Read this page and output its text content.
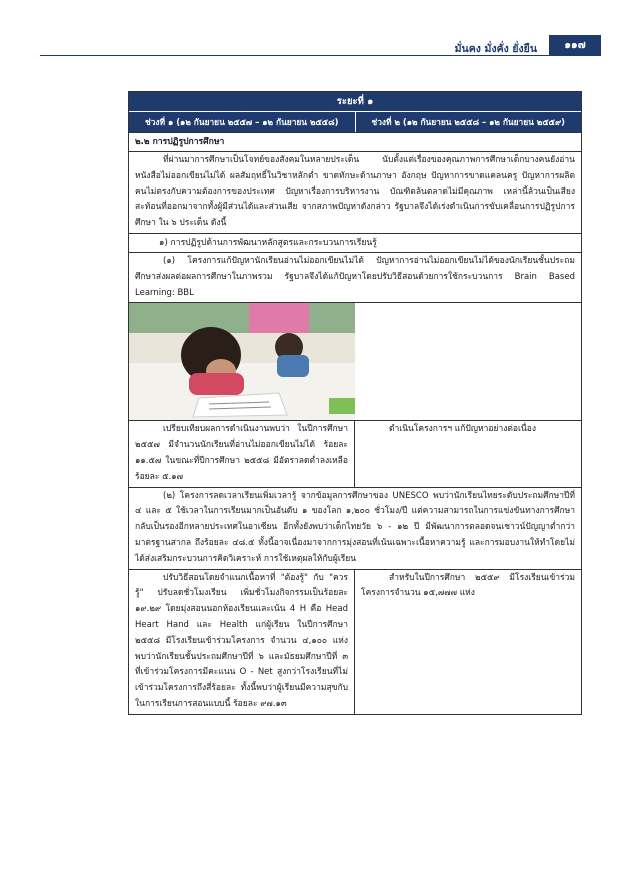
มั่นคง มั่งคั่ง ยั่งยืน	๑๑๗
ระยะที่ ๑
ช่วงที่ ๑ (๑๒ กันยายน ๒๕๕๗ – ๑๒ กันยายน ๒๕๕๘)	ช่วงที่ ๒ (๑๒ กันยายน ๒๕๕๘ – ๑๒ กันยายน ๒๕๕๙)
๒.๒ การปฏิรูปการศึกษา
ที่ผ่านมาการศึกษาเป็นโจทย์ของสังคมในหลายประเด็น นับตั้งแต่เรื่องของคุณภาพการศึกษาเด็กบางคนยังอ่านหนังสือไม่ออกเขียนไม่ได้ ผลสัมฤทธิ์ในวิชาหลักต่ำ ขาดทักษะด้านภาษา อังกฤษ ปัญหาการขาดแคลนครู ปัญหาการผลิตคนไม่ตรงกับความต้องการของประเทศ ปัญหาเรื่องการบริหารงาน บัณฑิตล้นตลาดไม่มีคุณภาพ เหล่านี้ล้วนเป็นเสียงสะท้อนที่ออกมาจากทั้งผู้มีส่วนได้และส่วนเสีย จากสภาพปัญหาดังกล่าว รัฐบาลจึงได้เร่งดำเนินการขับเคลื่อนการปฏิรูปการศึกษา ใน ๖ ประเด็น ดังนี้
๑) การปฏิรูปด้านการพัฒนาหลักสูตรและกระบวนการเรียนรู้
(๑) โครงการแก้ปัญหานักเรียนอ่านไม่ออกเขียนไม่ได้ ปัญหาการอ่านไม่ออกเขียนไม่ได้ของนักเรียนชั้นประถมศึกษาส่งผลต่อผลการศึกษาในภาพรวม รัฐบาลจึงได้แก้ปัญหาโดยปรับวิธีสอนด้วยการใช้กระบวนการ Brain Based Learning: BBL
เปรียบเทียบผลการดำเนินงานพบว่า ในปีการศึกษา ๒๕๕๗ มีจำนวนนักเรียนที่อ่านไม่ออกเขียนไม่ได้ ร้อยละ ๑๑.๕๗ ในขณะที่ปีการศึกษา ๒๕๕๘ มีอัตราลดต่ำลงเหลือร้อยละ ๕.๑๗
ดำเนินโครงการฯ แก้ปัญหาอย่างต่อเนื่อง
(๒) โครงการลดเวลาเรียนเพิ่มเวลารู้ จากข้อมูลการศึกษาของ UNESCO พบว่านักเรียนไทยระดับประถมศึกษาปีที่ ๔ และ ๕ ใช้เวลาในการเรียนมากเป็นอันดับ ๑ ของโลก ๑,๒๐๐ ชั่วโมง/ปี แต่ความสามารถในการแข่งขันทางการศึกษากลับเป็นรองอีกหลายประเทศในอาเซียน อีกทั้งยังพบว่าเด็กไทยวัย ๖ - ๑๒ ปี มีพัฒนาการตลอดจนเชาวน์ปัญญาต่ำกว่ามาตรฐานสากล ถึงร้อยละ ๔๘.๕ ทั้งนี้อาจเนื่องมาจากการมุ่งสอนที่เน้นเฉพาะเนื้อหาความรู้ และการมอบงานให้ทำโดยไม่ได้ส่งเสริมกระบวนการคิดวิเคราะห์ การใช้เหตุผลให้กับผู้เรียน
ปรับวิธีสอนโดยจำแนกเนื้อหาที่ "ต้องรู้" กับ "ควรรู้" ปรับลดชั่วโมงเรียน เพิ่มชั่วโมงกิจกรรมเป็นร้อยละ ๑๙.๒๙ โดยมุ่งสอนนอกห้องเรียนและเน้น 4 H คือ Head Heart Hand และ Health แก่ผู้เรียน ในปีการศึกษา ๒๕๕๘ มีโรงเรียนเข้าร่วมโครงการ จำนวน ๔,๑๐๐ แห่ง พบว่านักเรียนชั้นประถมศึกษาปีที่ ๖ และมัธยมศึกษาปีที่ ๓ ที่เข้าร่วมโครงการมีคะแนน O - Net สูงกว่าโรงเรียนที่ไม่เข้าร่วมโครงการถึงสี่ร้อยละ ทั้งนี้พบว่าผู้เรียนมีความสุขกับในการเรียนการสอนแบบนี้ ร้อยละ ๙๗.๑๓
สำหรับในปีการศึกษา ๒๕๕๙ มีโรงเรียนเข้าร่วมโครงการจำนวน ๑๕,๗๗๗ แห่ง
